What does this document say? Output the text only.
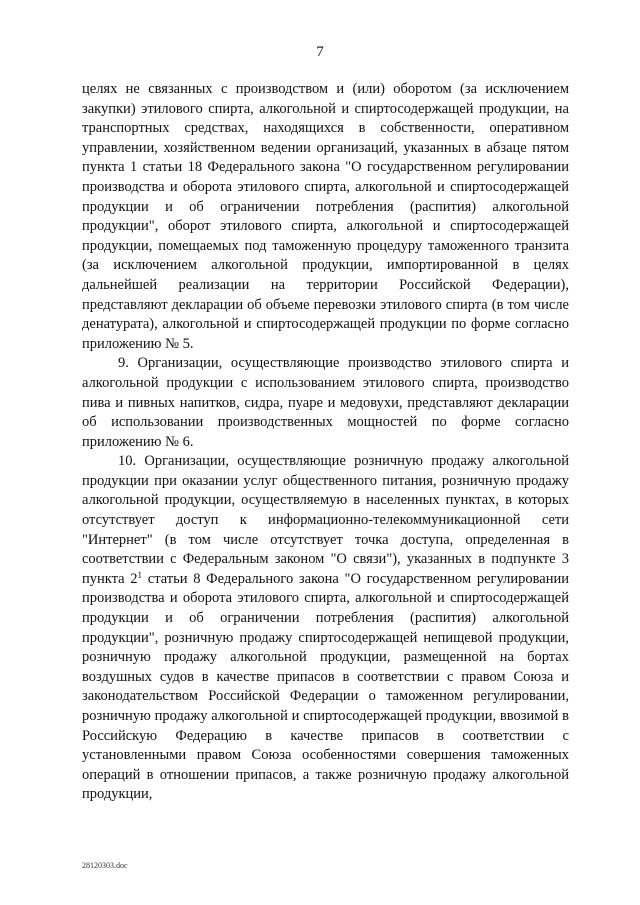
7

целях не связанных с производством и (или) оборотом (за исключением закупки) этилового спирта, алкогольной и спиртосодержащей продукции, на транспортных средствах, находящихся в собственности, оперативном управлении, хозяйственном ведении организаций, указанных в абзаце пятом пункта 1 статьи 18 Федерального закона "О государственном регулировании производства и оборота этилового спирта, алкогольной и спиртосодержащей продукции и об ограничении потребления (распития) алкогольной продукции", оборот этилового спирта, алкогольной и спиртосодержащей продукции, помещаемых под таможенную процедуру таможенного транзита (за исключением алкогольной продукции, импортированной в целях дальнейшей реализации на территории Российской Федерации), представляют декларации об объеме перевозки этилового спирта (в том числе денатурата), алкогольной и спиртосодержащей продукции по форме согласно приложению № 5.

9. Организации, осуществляющие производство этилового спирта и алкогольной продукции с использованием этилового спирта, производство пива и пивных напитков, сидра, пуаре и медовухи, представляют декларации об использовании производственных мощностей по форме согласно приложению № 6.

10. Организации, осуществляющие розничную продажу алкогольной продукции при оказании услуг общественного питания, розничную продажу алкогольной продукции, осуществляемую в населенных пунктах, в которых отсутствует доступ к информационно-телекоммуникационной сети "Интернет" (в том числе отсутствует точка доступа, определенная в соответствии с Федеральным законом "О связи"), указанных в подпункте 3 пункта $2^1$ статьи 8 Федерального закона "О государственном регулировании производства и оборота этилового спирта, алкогольной и спиртосодержащей продукции и об ограничении потребления (распития) алкогольной продукции", розничную продажу спиртосодержащей непищевой продукции, розничную продажу алкогольной продукции, размещенной на бортах воздушных судов в качестве припасов в соответствии с правом Союза и законодательством Российской Федерации о таможенном регулировании, розничную продажу алкогольной и спиртосодержащей продукции, ввозимой в Российскую Федерацию в качестве припасов в соответствии с установленными правом Союза особенностями совершения таможенных операций в отношении припасов, а также розничную продажу алкогольной продукции,

28120303.doc
